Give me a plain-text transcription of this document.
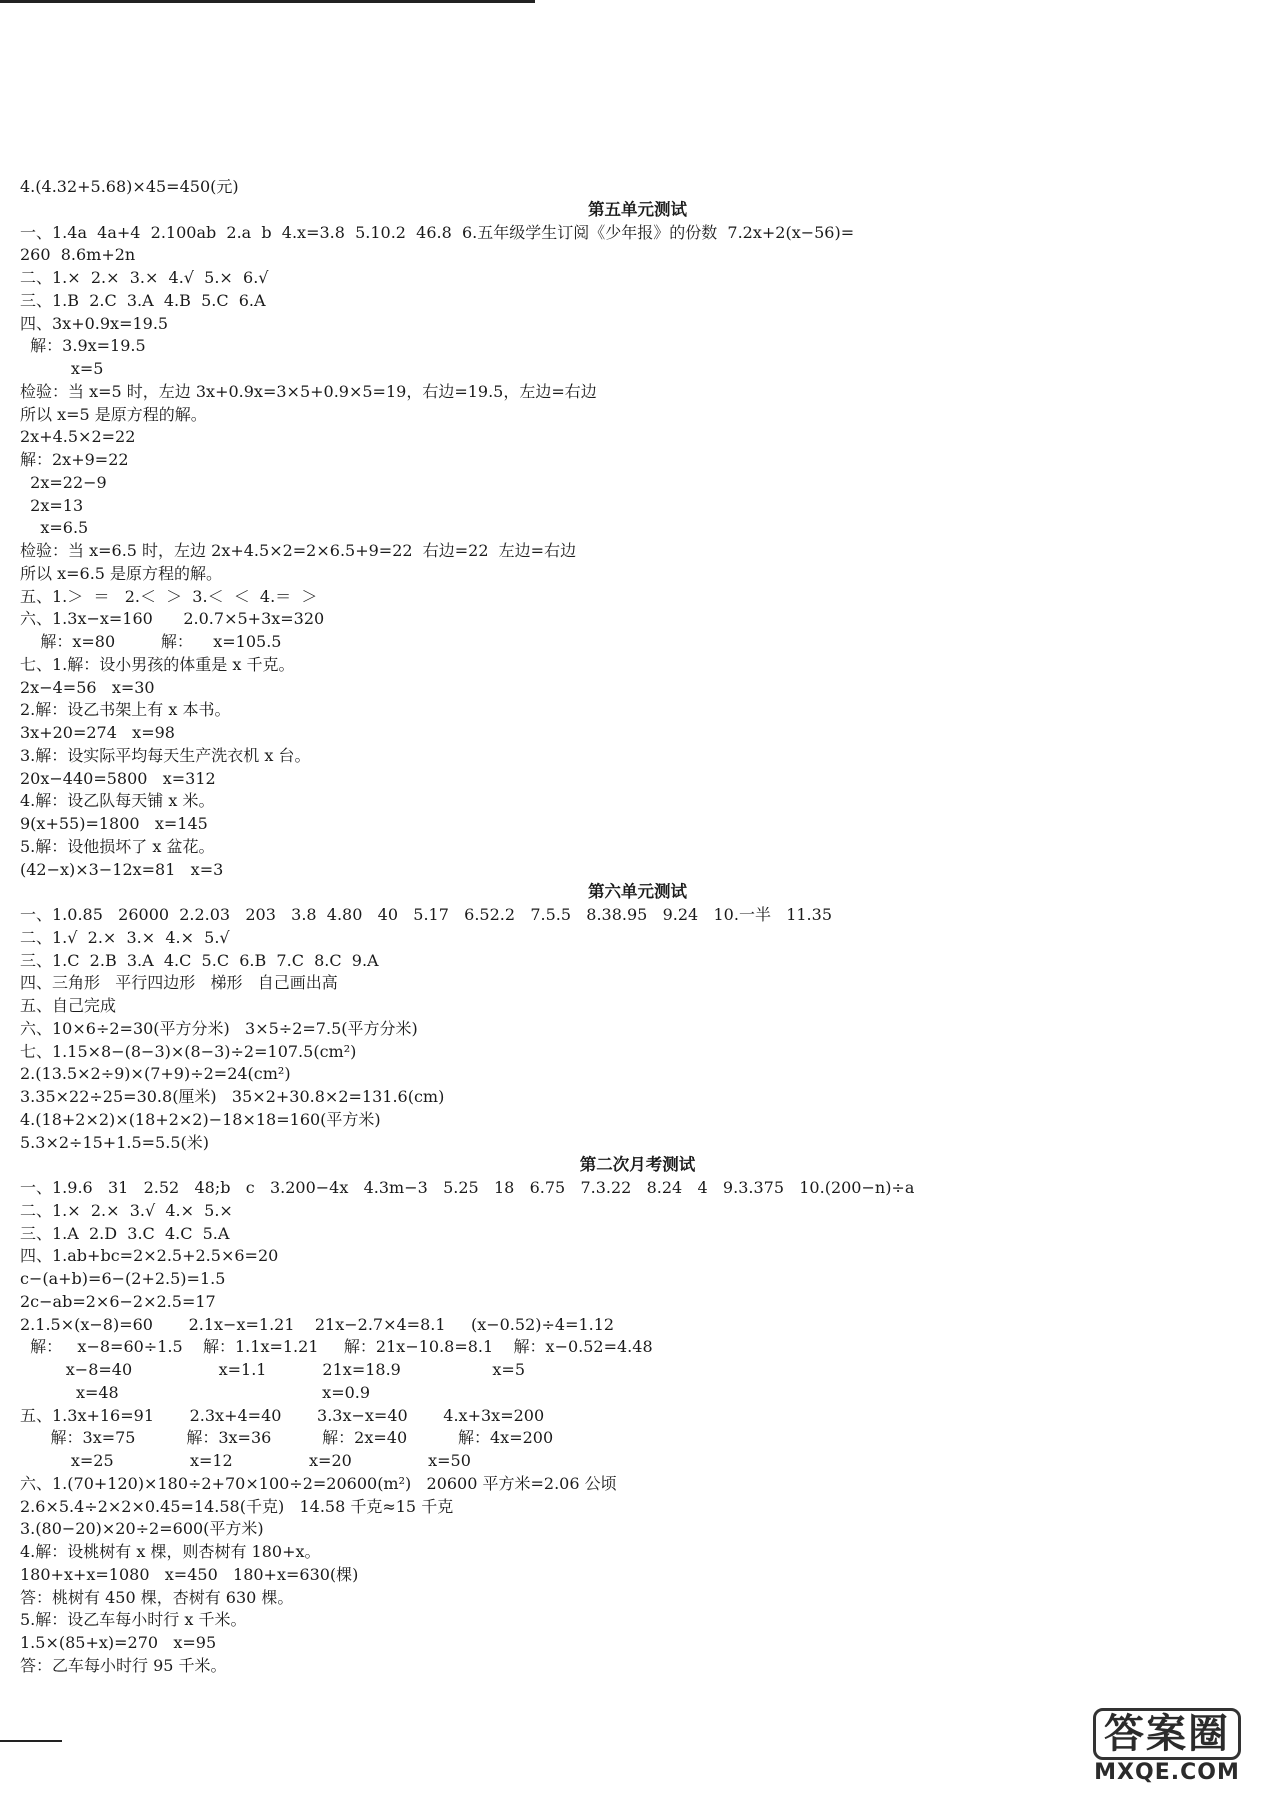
4.(4.32+5.68)×45=450(元)
第五单元测试
一、1.4a  4a+4  2.100ab  2.a  b  4.x=3.8  5.10.2  46.8  6.五年级学生订阅《少年报》的份数  7.2x+2(x−56)=
260  8.6m+2n
二、1.×  2.×  3.×  4.√  5.×  6.√
三、1.B  2.C  3.A  4.B  5.C  6.A
四、3x+0.9x=19.5
解：3.9x=19.5
x=5
检验：当 x=5 时，左边 3x+0.9x=3×5+0.9×5=19，右边=19.5，左边=右边
所以 x=5 是原方程的解。
2x+4.5×2=22
解：2x+9=22
2x=22−9
2x=13
x=6.5
检验：当 x=6.5 时，左边 2x+4.5×2=2×6.5+9=22  右边=22  左边=右边
所以 x=6.5 是原方程的解。
五、1.＞  ＝   2.＜  ＞  3.＜  ＜  4.＝  ＞
六、1.3x−x=160      2.0.7×5+3x=320
解：x=80         解：    x=105.5
七、1.解：设小男孩的体重是 x 千克。
2x−4=56   x=30
2.解：设乙书架上有 x 本书。
3x+20=274   x=98
3.解：设实际平均每天生产洗衣机 x 台。
20x−440=5800   x=312
4.解：设乙队每天铺 x 米。
9(x+55)=1800   x=145
5.解：设他损坏了 x 盆花。
(42−x)×3−12x=81   x=3
第六单元测试
一、1.0.85   26000  2.2.03   203   3.8  4.80   40   5.17   6.52.2   7.5.5   8.38.95   9.24   10.一半   11.35
二、1.√  2.×  3.×  4.×  5.√
三、1.C  2.B  3.A  4.C  5.C  6.B  7.C  8.C  9.A
四、三角形   平行四边形   梯形   自己画出高
五、自己完成
六、10×6÷2=30(平方分米)   3×5÷2=7.5(平方分米)
七、1.15×8−(8−3)×(8−3)÷2=107.5(cm²)
2.(13.5×2÷9)×(7+9)÷2=24(cm²)
3.35×22÷25=30.8(厘米)   35×2+30.8×2=131.6(cm)
4.(18+2×2)×(18+2×2)−18×18=160(平方米)
5.3×2÷15+1.5=5.5(米)
第二次月考测试
一、1.9.6   31   2.52   48;b   c   3.200−4x   4.3m−3   5.25   18   6.75   7.3.22   8.24   4   9.3.375   10.(200−n)÷a
二、1.×  2.×  3.√  4.×  5.×
三、1.A  2.D  3.C  4.C  5.A
四、1.ab+bc=2×2.5+2.5×6=20
c−(a+b)=6−(2+2.5)=1.5
2c−ab=2×6−2×2.5=17
2.1.5×(x−8)=60       2.1x−x=1.21    21x−2.7×4=8.1     (x−0.52)÷4=1.12
解：   x−8=60÷1.5    解：1.1x=1.21     解：21x−10.8=8.1    解：x−0.52=4.48
x−8=40                 x=1.1           21x=18.9                  x=5
x=48                                        x=0.9
五、1.3x+16=91       2.3x+4=40       3.3x−x=40       4.x+3x=200
解：3x=75          解：3x=36          解：2x=40          解：4x=200
x=25               x=12               x=20               x=50
六、1.(70+120)×180÷2+70×100÷2=20600(m²)   20600 平方米=2.06 公顷
2.6×5.4÷2×2×0.45=14.58(千克)   14.58 千克≈15 千克
3.(80−20)×20÷2=600(平方米)
4.解：设桃树有 x 棵，则杏树有 180+x。
180+x+x=1080   x=450   180+x=630(棵)
答：桃树有 450 棵，杏树有 630 棵。
5.解：设乙车每小时行 x 千米。
1.5×(85+x)=270   x=95
答：乙车每小时行 95 千米。
答案圈
MXQE.COM
